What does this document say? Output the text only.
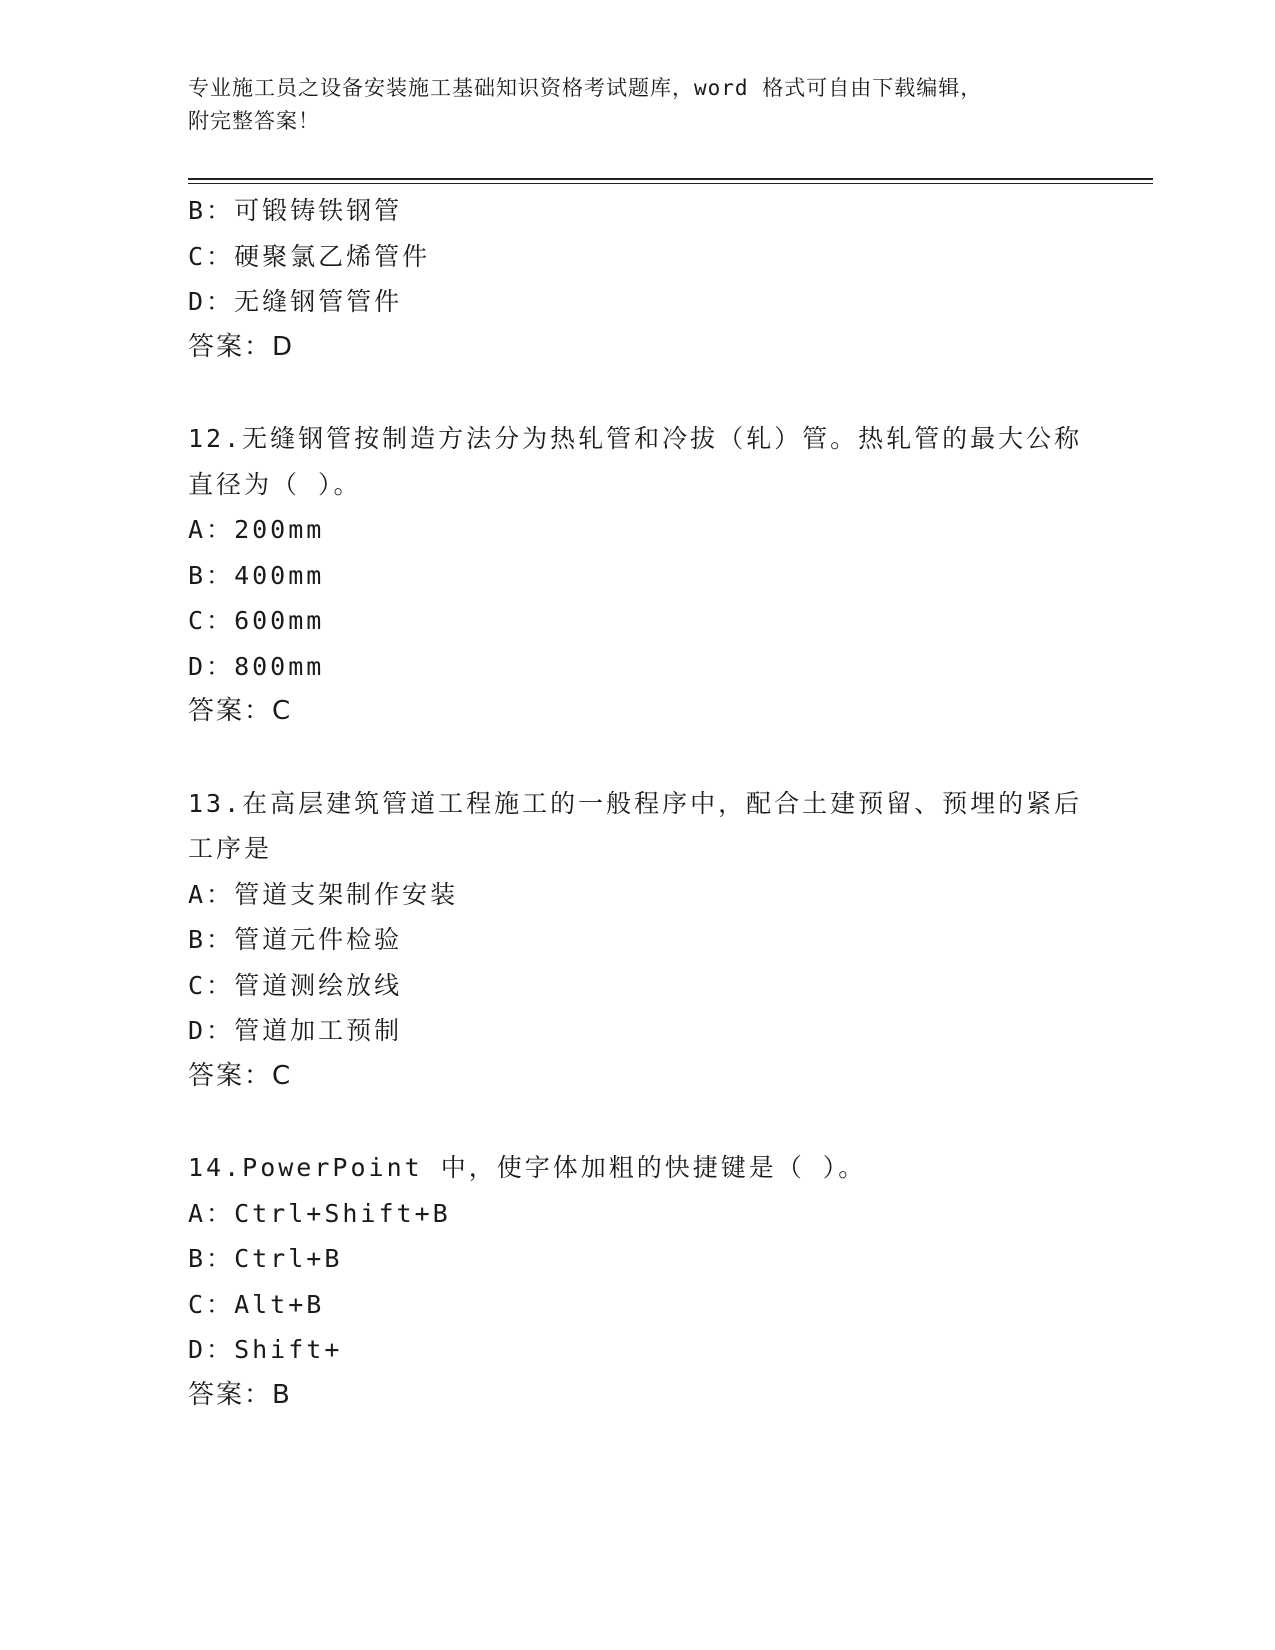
专业施工员之设备安装施工基础知识资格考试题库，word 格式可自由下载编辑，
附完整答案！
B：可锻铸铁钢管
C：硬聚氯乙烯管件
D：无缝钢管管件
答案：D
12.无缝钢管按制造方法分为热轧管和冷拔（轧）管。热轧管的最大公称直径为（ ）。
A：200mm
B：400mm
C：600mm
D：800mm
答案：C
13.在高层建筑管道工程施工的一般程序中，配合土建预留、预埋的紧后工序是
A：管道支架制作安装
B：管道元件检验
C：管道测绘放线
D：管道加工预制
答案：C
14.PowerPoint 中，使字体加粗的快捷键是（ ）。
A：Ctrl+Shift+B
B：Ctrl+B
C：Alt+B
D：Shift+
答案：B
